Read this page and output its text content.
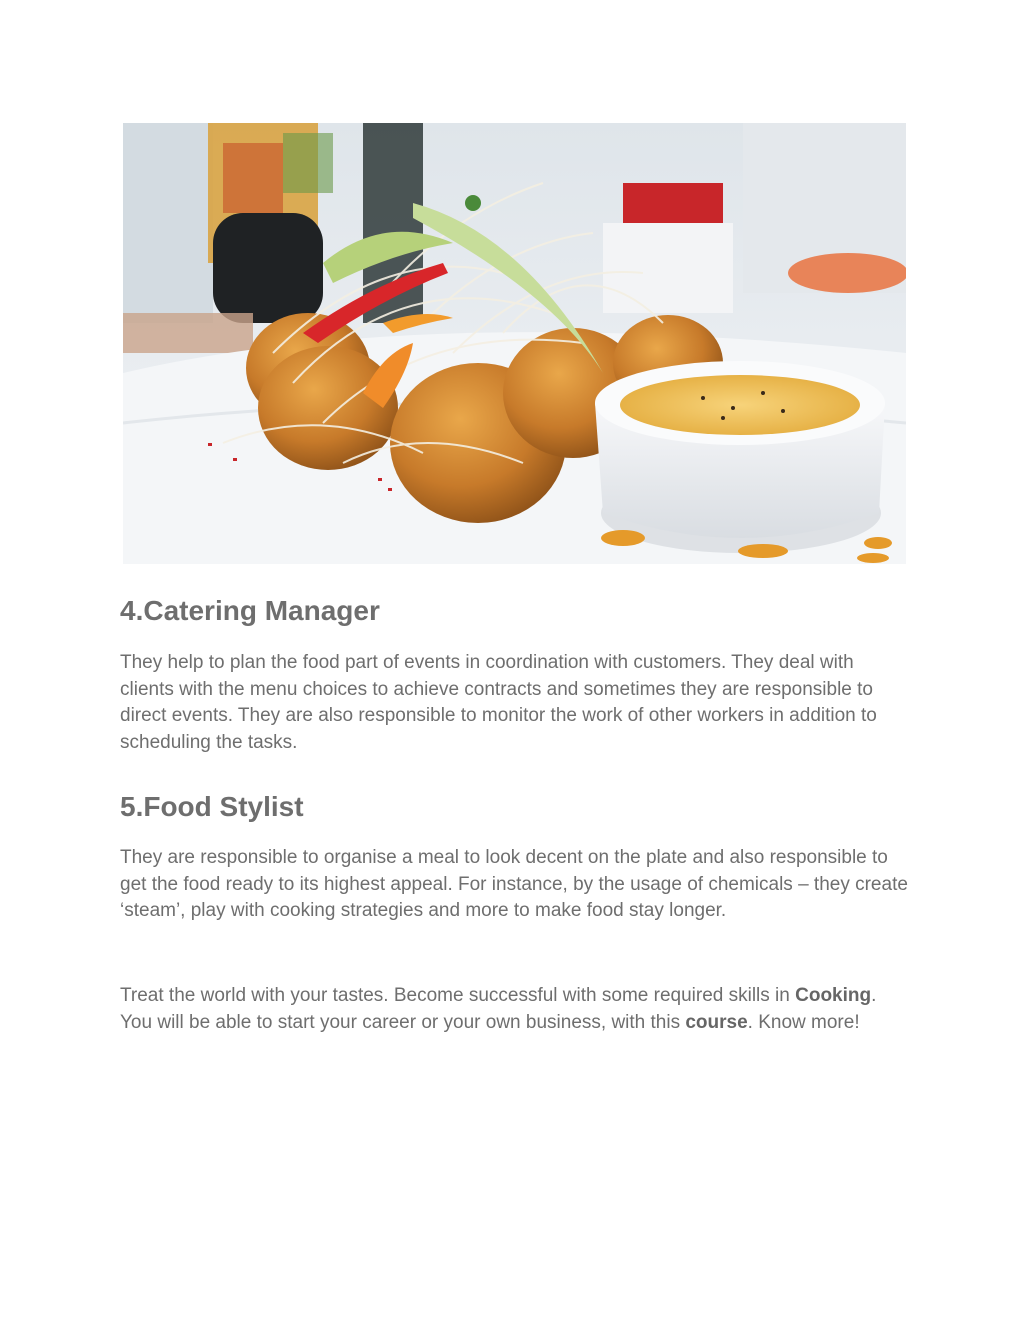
4.Catering Manager

They help to plan the food part of events in coordination with customers. They deal with clients with the menu choices to achieve contracts and sometimes they are responsible to direct events. They are also responsible to monitor the work of other workers in addition to scheduling the tasks.

5.Food Stylist

They are responsible to organise a meal to look decent on the plate and also responsible to get the food ready to its highest appeal. For instance, by the usage of chemicals – they create ‘steam’, play with cooking strategies and more to make food stay longer.

Treat the world with your tastes. Become successful with some required skills in Cooking. You will be able to start your career or your own business, with this course. Know more!
